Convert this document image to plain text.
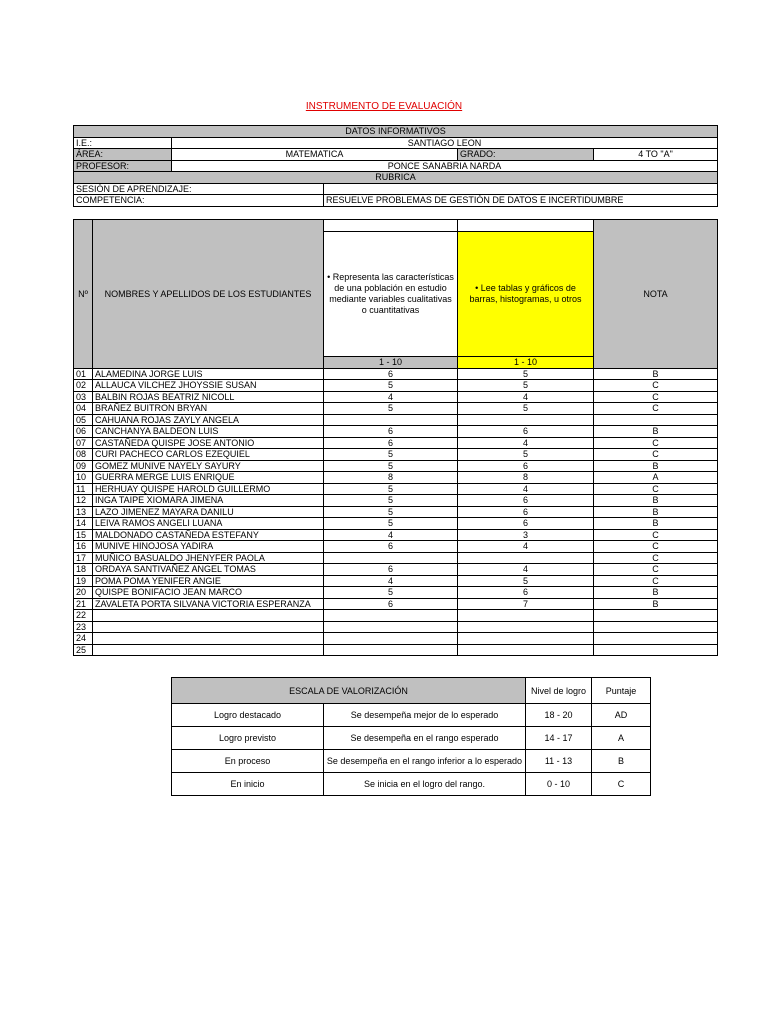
INSTRUMENTO DE EVALUACIÓN
DATOS INFORMATIVOS				
I.E.:	SANTIAGO LEON			
ÁREA:	MATEMATICA		GRADO:	4 TO "A"
PROFESOR:	PONCE SANABRIA NARDA			
RUBRICA				
SESIÓN DE APRENDIZAJE:				
COMPETENCIA:		RESUELVE PROBLEMAS DE GESTIÓN DE DATOS E INCERTIDUMBRE		
Nº	NOMBRES Y APELLIDOS DE LOS ESTUDIANTES			NOTA
		• Representa las características de una población en estudio mediante variables cualitativas o cuantitativas	• Lee tablas y gráficos de barras, histogramas, u otros	
		1 - 10	1 - 10	
01	ALAMEDINA JORGE LUIS	6	5	B
02	ALLAUCA VILCHEZ JHOYSSIE SUSAN	5	5	C
03	BALBIN ROJAS BEATRIZ NICOLL	4	4	C
04	BRAÑEZ BUITRON BRYAN	5	5	C
05	CAHUANA ROJAS ZAYLY ANGELA			
06	CANCHANYA BALDEON LUIS	6	6	B
07	CASTAÑEDA QUISPE JOSE ANTONIO	6	4	C
08	CURI PACHECO CARLOS EZEQUIEL	5	5	C
09	GOMEZ MUNIVE NAYELY SAYURY	5	6	B
10	GUERRA MERGE LUIS ENRIQUE	8	8	A
11	HERHUAY QUISPE HAROLD GUILLERMO	5	4	C
12	INGA TAIPE XIOMARA JIMENA	5	6	B
13	LAZO JIMENEZ MAYARA DANILU	5	6	B
14	LEIVA RAMOS ANGELI LUANA	5	6	B
15	MALDONADO CASTAÑEDA ESTEFANY	4	3	C
16	MUNIVE HINOJOSA YADIRA	6	4	C
17	MUÑICO BASUALDO JHENYFER PAOLA			C
18	ORDAYA SANTIVAÑEZ ANGEL TOMAS	6	4	C
19	POMA POMA YENIFER ANGIE	4	5	C
20	QUISPE BONIFACIO JEAN MARCO	5	6	B
21	ZAVALETA PORTA SILVANA VICTORIA ESPERANZA	6	7	B
22				
23				
24				
25				
ESCALA DE VALORIZACIÓN		Nivel de logro	Puntaje
Logro destacado	Se desempeña mejor de lo esperado	18 - 20	AD
Logro previsto	Se desempeña en el rango esperado	14 - 17	A
En proceso	Se desempeña en el rango inferior a lo esperado	11 - 13	B
En inicio	Se inicia en el logro del rango.	0 - 10	C
